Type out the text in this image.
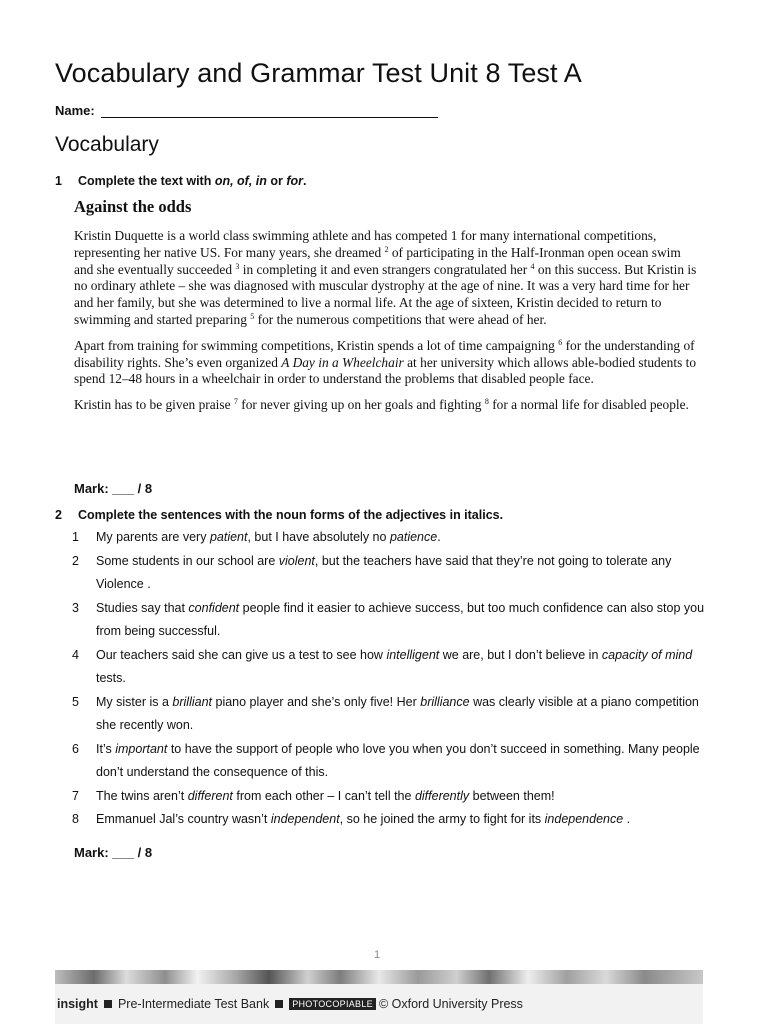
Vocabulary and Grammar Test Unit 8 Test A
Name:
Vocabulary
1 Complete the text with on, of, in or for.
Against the odds

Kristin Duquette is a world class swimming athlete and has competed 1 for many international competitions, representing her native US. For many years, she dreamed $^2$ of participating in the Half-Ironman open ocean swim and she eventually succeeded $^3$ in completing it and even strangers congratulated her $^4$ on this success. But Kristin is no ordinary athlete – she was diagnosed with muscular dystrophy at the age of nine. It was a very hard time for her and her family, but she was determined to live a normal life. At the age of sixteen, Kristin decided to return to swimming and started preparing $^5$ for the numerous competitions that were ahead of her.

Apart from training for swimming competitions, Kristin spends a lot of time campaigning $^6$ for the understanding of disability rights. She’s even organized A Day in a Wheelchair at her university which allows able-bodied students to spend 12–48 hours in a wheelchair in order to understand the problems that disabled people face.

Kristin has to be given praise $^7$ for never giving up on her goals and fighting $^8$ for a normal life for disabled people.

Mark: ___ / 8
2 Complete the sentences with the noun forms of the adjectives in italics.
1	My parents are very patient, but I have absolutely no patience.
2	Some students in our school are violent, but the teachers have said that they’re not going to tolerate any Violence .
3	Studies say that confident people find it easier to achieve success, but too much confidence can also stop you from being successful.
4	Our teachers said she can give us a test to see how intelligent we are, but I don’t believe in capacity of mind tests.
5	My sister is a brilliant piano player and she’s only five! Her brilliance was clearly visible at a piano competition she recently won.
6	It’s important to have the support of people who love you when you don’t succeed in something. Many people don’t understand the consequence of this.
7	The twins aren’t different from each other – I can’t tell the differently between them!
8	Emmanuel Jal’s country wasn’t independent, so he joined the army to fight for its independence .
Mark: ___ / 8
1
insight Pre-Intermediate Test Bank	PHOTOCOPIABLE © Oxford University Press
